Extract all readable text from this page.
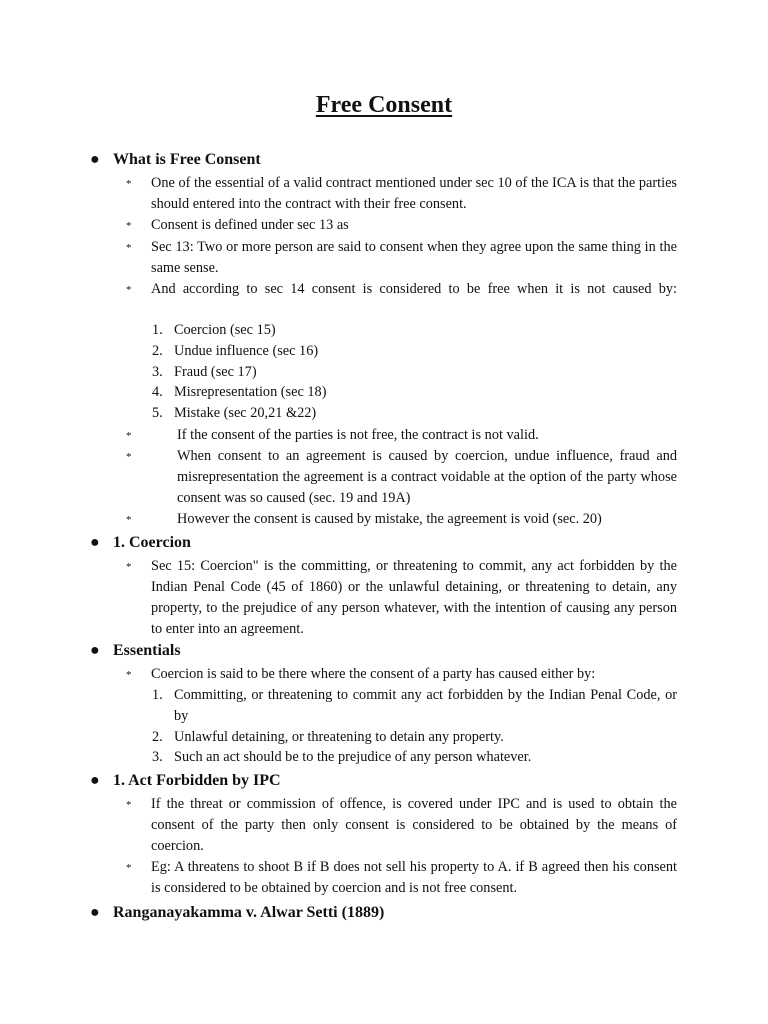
Free Consent
● What is Free Consent
* One of the essential of a valid contract mentioned under sec 10 of the ICA is that the parties should entered into the contract with their free consent.
* Consent is defined under sec 13 as
* Sec 13: Two or more person are said to consent when they agree upon the same thing in the same sense.
* And according to sec 14 consent is considered to be free when it is not caused by:
1. Coercion (sec 15)
2. Undue influence (sec 16)
3. Fraud (sec 17)
4. Misrepresentation (sec 18)
5. Mistake (sec 20,21 &22)
*	If the consent of the parties is not free, the contract is not valid.
*	When consent to an agreement is caused by coercion, undue influence, fraud and misrepresentation the agreement is a contract voidable at the option of the party whose consent was so caused (sec. 19 and 19A)
*	However the consent is caused by mistake, the agreement is void (sec. 20)
● 1. Coercion
* Sec 15: Coercion" is the committing, or threatening to commit, any act forbidden by the Indian Penal Code (45 of 1860) or the unlawful detaining, or threatening to detain, any property, to the prejudice of any person whatever, with the intention of causing any person to enter into an agreement.
● Essentials
* Coercion is said to be there where the consent of a party has caused either by:
1. Committing, or threatening to commit any act forbidden by the Indian Penal Code, or by
2. Unlawful detaining, or threatening to detain any property.
3. Such an act should be to the prejudice of any person whatever.
● 1. Act Forbidden by IPC
* If the threat or commission of offence, is covered under IPC and is used to obtain the consent of the party then only consent is considered to be obtained by the means of coercion.
* Eg: A threatens to shoot B if B does not sell his property to A. if B agreed then his consent is considered to be obtained by coercion and is not free consent.
● Ranganayakamma v. Alwar Setti (1889)
